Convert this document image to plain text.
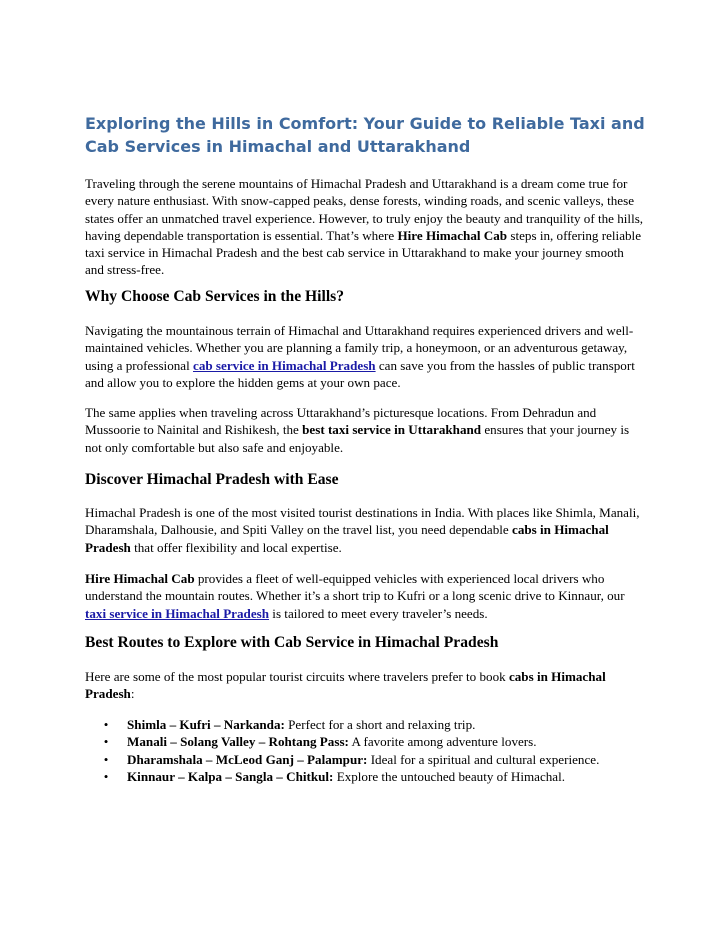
Exploring the Hills in Comfort: Your Guide to Reliable Taxi and Cab Services in Himachal and Uttarakhand

Traveling through the serene mountains of Himachal Pradesh and Uttarakhand is a dream come true for every nature enthusiast. With snow-capped peaks, dense forests, winding roads, and scenic valleys, these states offer an unmatched travel experience. However, to truly enjoy the beauty and tranquility of the hills, having dependable transportation is essential. That’s where Hire Himachal Cab steps in, offering reliable taxi service in Himachal Pradesh and the best cab service in Uttarakhand to make your journey smooth and stress-free.

Why Choose Cab Services in the Hills?

Navigating the mountainous terrain of Himachal and Uttarakhand requires experienced drivers and well-maintained vehicles. Whether you are planning a family trip, a honeymoon, or an adventurous getaway, using a professional cab service in Himachal Pradesh can save you from the hassles of public transport and allow you to explore the hidden gems at your own pace.

The same applies when traveling across Uttarakhand’s picturesque locations. From Dehradun and Mussoorie to Nainital and Rishikesh, the best taxi service in Uttarakhand ensures that your journey is not only comfortable but also safe and enjoyable.

Discover Himachal Pradesh with Ease

Himachal Pradesh is one of the most visited tourist destinations in India. With places like Shimla, Manali, Dharamshala, Dalhousie, and Spiti Valley on the travel list, you need dependable cabs in Himachal Pradesh that offer flexibility and local expertise.

Hire Himachal Cab provides a fleet of well-equipped vehicles with experienced local drivers who understand the mountain routes. Whether it’s a short trip to Kufri or a long scenic drive to Kinnaur, our taxi service in Himachal Pradesh is tailored to meet every traveler’s needs.

Best Routes to Explore with Cab Service in Himachal Pradesh

Here are some of the most popular tourist circuits where travelers prefer to book cabs in Himachal Pradesh:

• Shimla – Kufri – Narkanda: Perfect for a short and relaxing trip.
• Manali – Solang Valley – Rohtang Pass: A favorite among adventure lovers.
• Dharamshala – McLeod Ganj – Palampur: Ideal for a spiritual and cultural experience.
• Kinnaur – Kalpa – Sangla – Chitkul: Explore the untouched beauty of Himachal.
